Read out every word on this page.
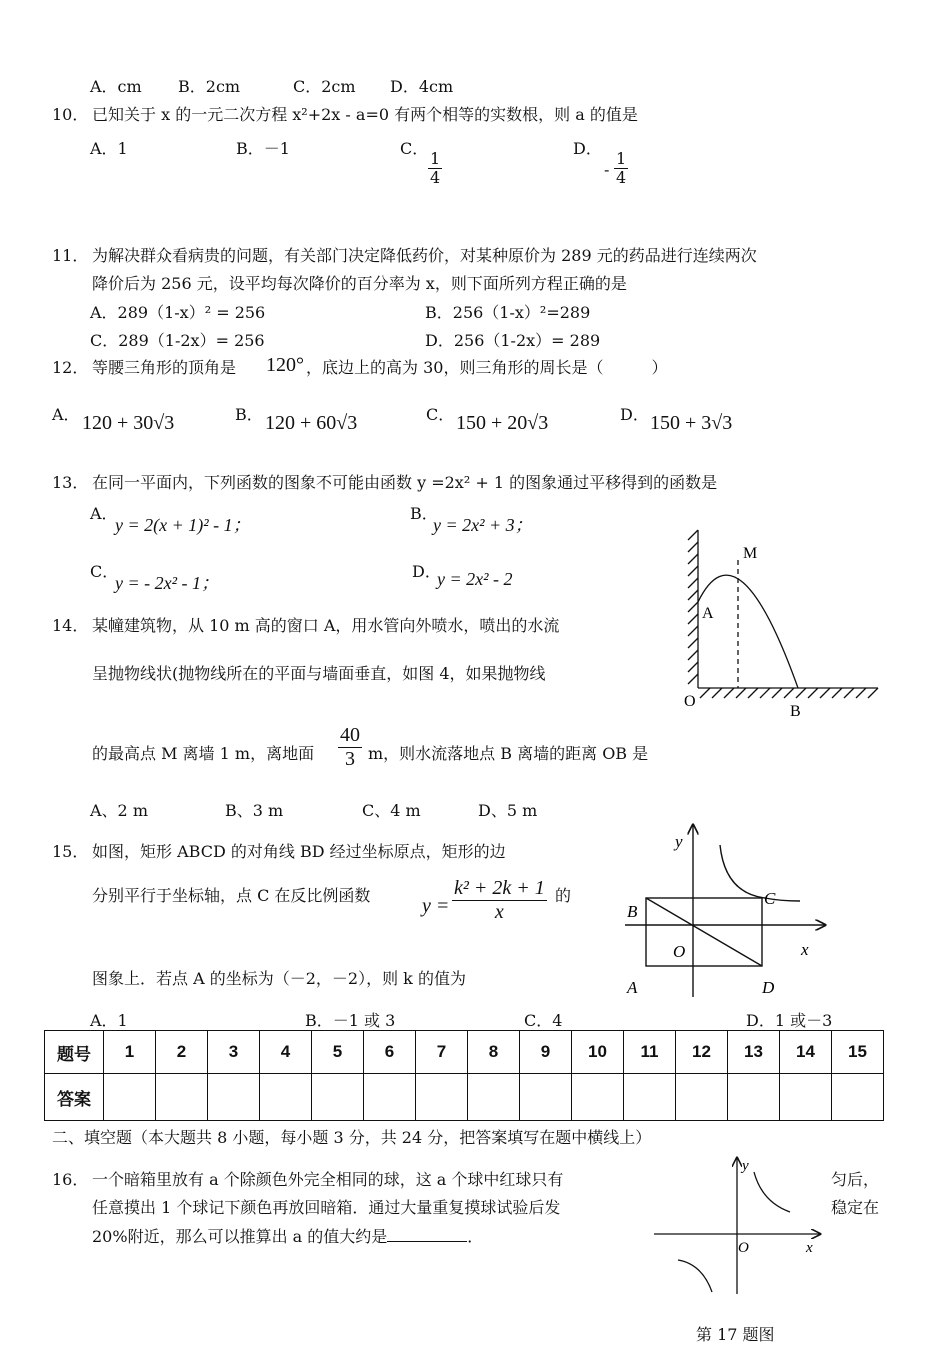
A．cm B．2cm	C．2cm D．4cm
10． 已知关于 x 的一元二次方程 x²+2x - a=0 有两个相等的实数根，则 a 的值是
A．1	B．－1	C．
$\frac{1}{4}$
D．
- $\frac{1}{4}$
11． 为解决群众看病贵的问题，有关部门决定降低药价，对某种原价为 289 元的药品进行连续两次
降价后为 256 元，设平均每次降价的百分率为 x，则下面所列方程正确的是
A．289（1-x）² = 256	B．256（1-x）²=289
C．289（1-2x）= 256	D．256（1-2x）= 289
12． 等腰三角形的顶角是 120° ，底边上的高为 30，则三角形的周长是（　　　）
A． 120 + 30√3	B． 120 + 60√3	C． 150 + 20√3	D． 150 + 3√3
13． 在同一平面内，下列函数的图象不可能由函数 y =2x² + 1 的图象通过平移得到的函数是
A．
y = 2(x + 1)² - 1；
B．
y = 2x² + 3；
C．
y = - 2x² - 1；
D．
y = 2x² - 2
14． 某幢建筑物，从 10 m 高的窗口 A，用水管向外喷水，喷出的水流
呈抛物线状(抛物线所在的平面与墙面垂直，如图 4，如果抛物线
的最高点 M 离墙 1 m，离地面 $\frac{40}{3}$ m，则水流落地点 B 离墙的距离 OB 是
A、2 m	B、3 m	C、4 m	D、5 m
M
A
O
B
15． 如图，矩形 ABCD 的对角线 BD 经过坐标原点，矩形的边
分别平行于坐标轴，点 C 在反比例函数	$y = \frac{\text{k² + 2k + 1}}{x}$ 的
图象上．若点 A 的坐标为（－2，－2），则 k 的值为
A．1	B．－1 或 3	C．4	D．1 或－3
y
x
B
C
O
A	D
题号	1	2	3	4	5	6	7	8	9	10	11	12	13	14	15
答案															
二、填空题（本大题共 8 小题，每小题 3 分，共 24 分，把答案填写在题中横线上）
16． 一个暗箱里放有 a 个除颜色外完全相同的球，这 a 个球中红球只有	匀后，
任意摸出 1 个球记下颜色再放回暗箱．通过大量重复摸球试验后发	稳定在
20%附近，那么可以推算出 a 的值大约是	．
y
x
O
第 17 题图
